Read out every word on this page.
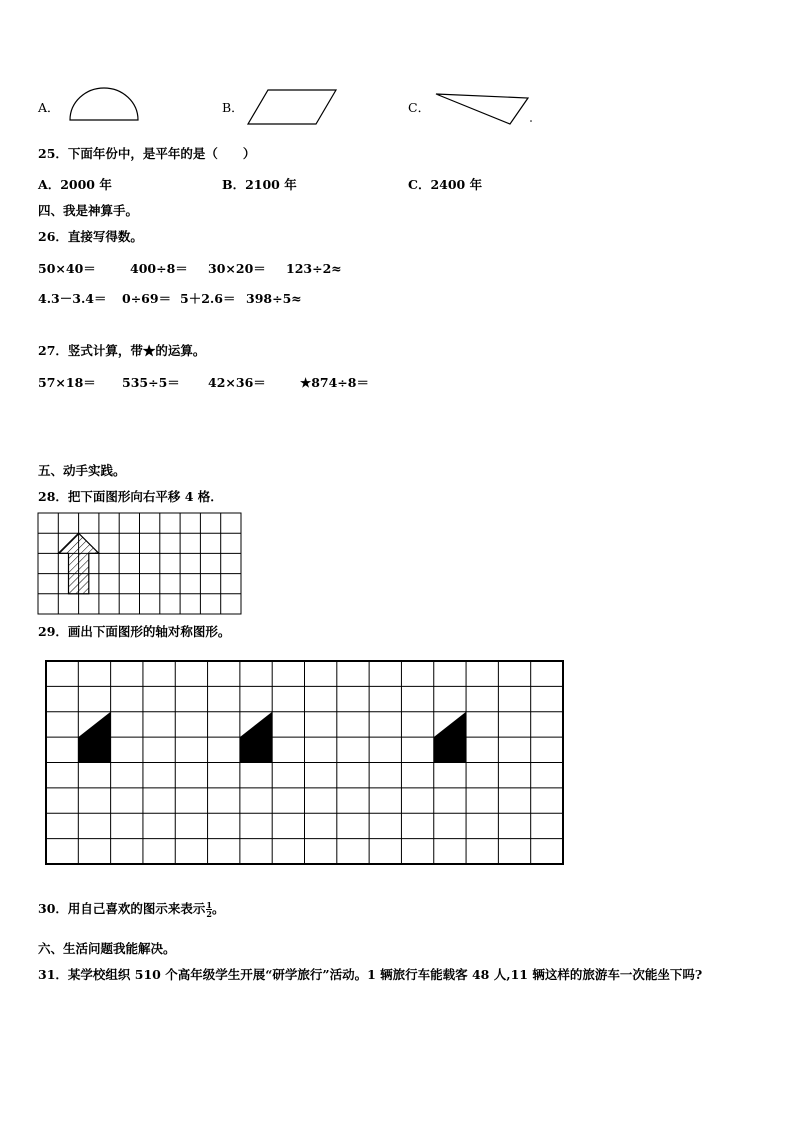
A．	B．	C．
25．下面年份中，是平年的是（　　）
A．2000 年	B．2100 年	C．2400 年
四、我是神算手。
26．直接写得数。
50×40＝	400÷8＝ 30×20＝ 123÷2≈
4.3－3.4＝ 0÷69＝ 5＋2.6＝ 398÷5≈
27．竖式计算，带★的运算。
57×18＝ 535÷5＝ 42×36＝	★874÷8＝
五、动手实践。
28．把下面图形向右平移 4 格．
29．画出下面图形的轴对称图形。
30．用自己喜欢的图示来表示 $\frac{1}{2}$ 。
六、生活问题我能解决。
31．某学校组织 510 个高年级学生开展“研学旅行”活动。1 辆旅行车能载客 48 人,11 辆这样的旅游车一次能坐下吗?
